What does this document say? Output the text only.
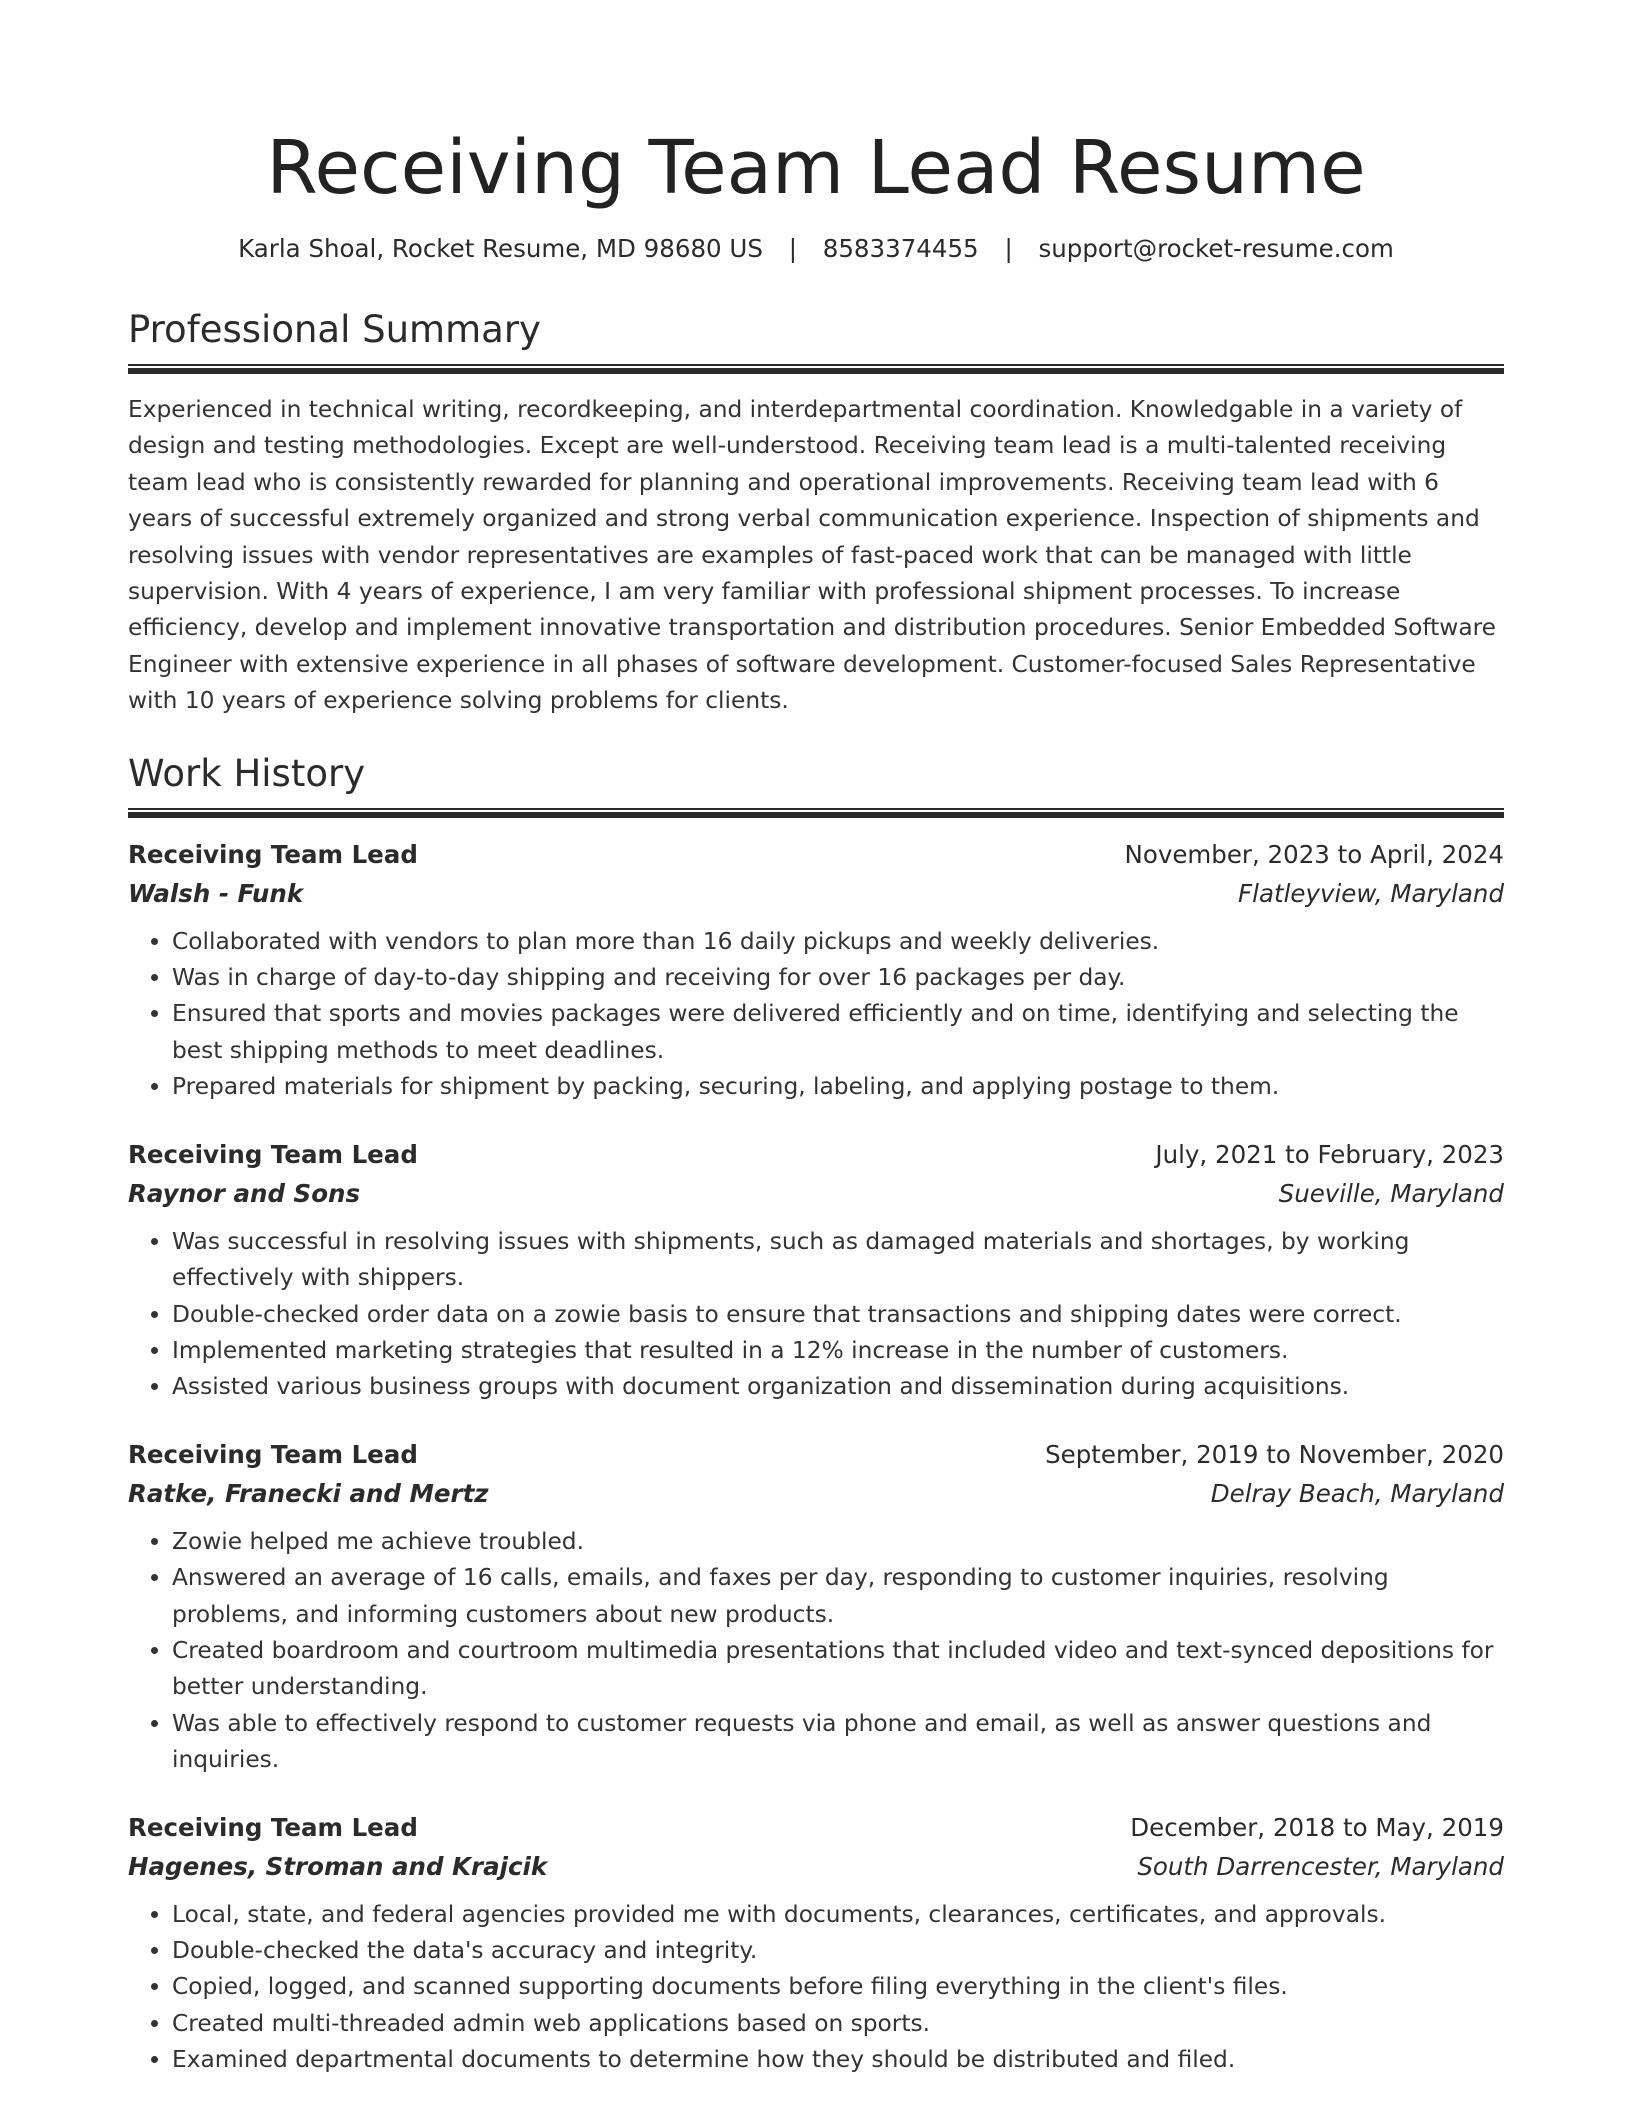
Receiving Team Lead Resume
Karla Shoal, Rocket Resume, MD 98680 US | 8583374455 | support@rocket-resume.com
Professional Summary

Experienced in technical writing, recordkeeping, and interdepartmental coordination. Knowledgable in a variety of design and testing methodologies. Except are well-understood. Receiving team lead is a multi-talented receiving team lead who is consistently rewarded for planning and operational improvements. Receiving team lead with 6 years of successful extremely organized and strong verbal communication experience. Inspection of shipments and resolving issues with vendor representatives are examples of fast-paced work that can be managed with little supervision. With 4 years of experience, I am very familiar with professional shipment processes. To increase efficiency, develop and implement innovative transportation and distribution procedures. Senior Embedded Software Engineer with extensive experience in all phases of software development. Customer-focused Sales Representative with 10 years of experience solving problems for clients.

Work History
Receiving Team Lead	November, 2023 to April, 2024
Walsh - Funk	Flatleyview, Maryland
• Collaborated with vendors to plan more than 16 daily pickups and weekly deliveries.
• Was in charge of day-to-day shipping and receiving for over 16 packages per day.
• Ensured that sports and movies packages were delivered efficiently and on time, identifying and selecting the best shipping methods to meet deadlines.
• Prepared materials for shipment by packing, securing, labeling, and applying postage to them.
Receiving Team Lead	July, 2021 to February, 2023
Raynor and Sons	Sueville, Maryland
• Was successful in resolving issues with shipments, such as damaged materials and shortages, by working effectively with shippers.
• Double-checked order data on a zowie basis to ensure that transactions and shipping dates were correct.
• Implemented marketing strategies that resulted in a 12% increase in the number of customers.
• Assisted various business groups with document organization and dissemination during acquisitions.
Receiving Team Lead	September, 2019 to November, 2020
Ratke, Franecki and Mertz	Delray Beach, Maryland
• Zowie helped me achieve troubled.
• Answered an average of 16 calls, emails, and faxes per day, responding to customer inquiries, resolving problems, and informing customers about new products.
• Created boardroom and courtroom multimedia presentations that included video and text-synced depositions for better understanding.
• Was able to effectively respond to customer requests via phone and email, as well as answer questions and inquiries.
Receiving Team Lead	December, 2018 to May, 2019
Hagenes, Stroman and Krajcik	South Darrencester, Maryland
• Local, state, and federal agencies provided me with documents, clearances, certificates, and approvals.
• Double-checked the data's accuracy and integrity.
• Copied, logged, and scanned supporting documents before filing everything in the client's files.
• Created multi-threaded admin web applications based on sports.
• Examined departmental documents to determine how they should be distributed and filed.
